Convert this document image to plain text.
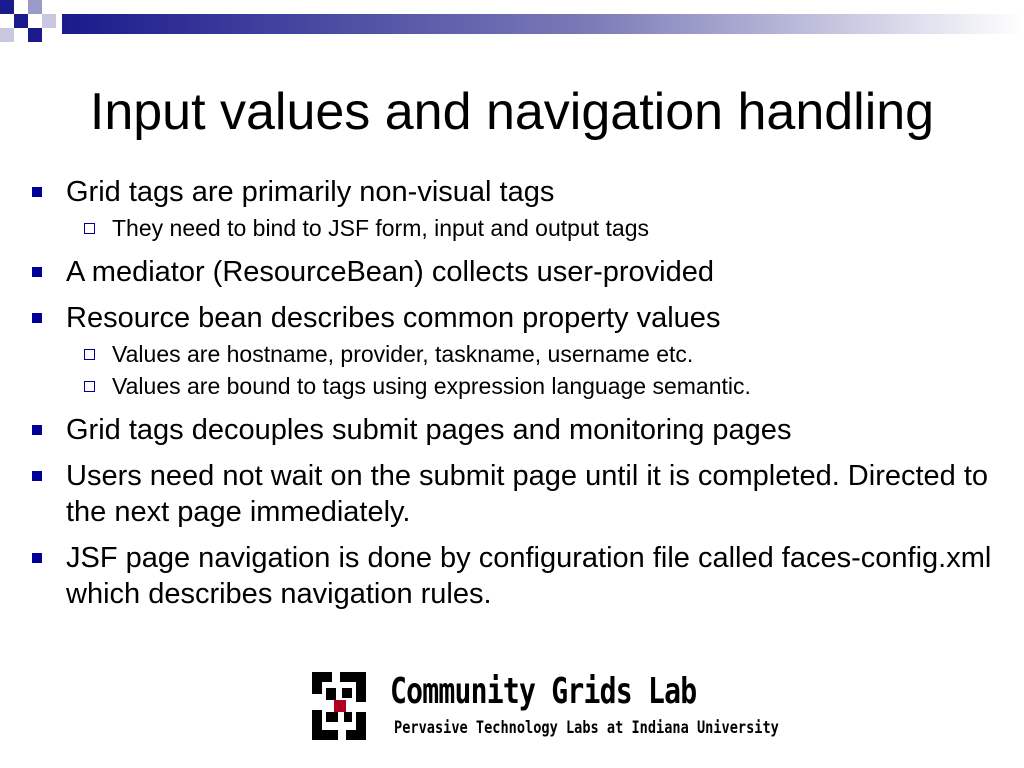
Input values and navigation handling
Grid tags are primarily non-visual tags
They need to bind to JSF form, input and output tags
A mediator (ResourceBean) collects user-provided
Resource bean describes common property values
Values are hostname, provider, taskname, username etc.
Values are bound to tags using expression language semantic.
Grid tags decouples submit pages and monitoring pages
Users need not wait on the submit page until it is completed. Directed to the next page immediately.
JSF page navigation is done by configuration file called faces-config.xml which describes navigation rules.
Community Grids Lab
Pervasive Technology Labs at Indiana University
